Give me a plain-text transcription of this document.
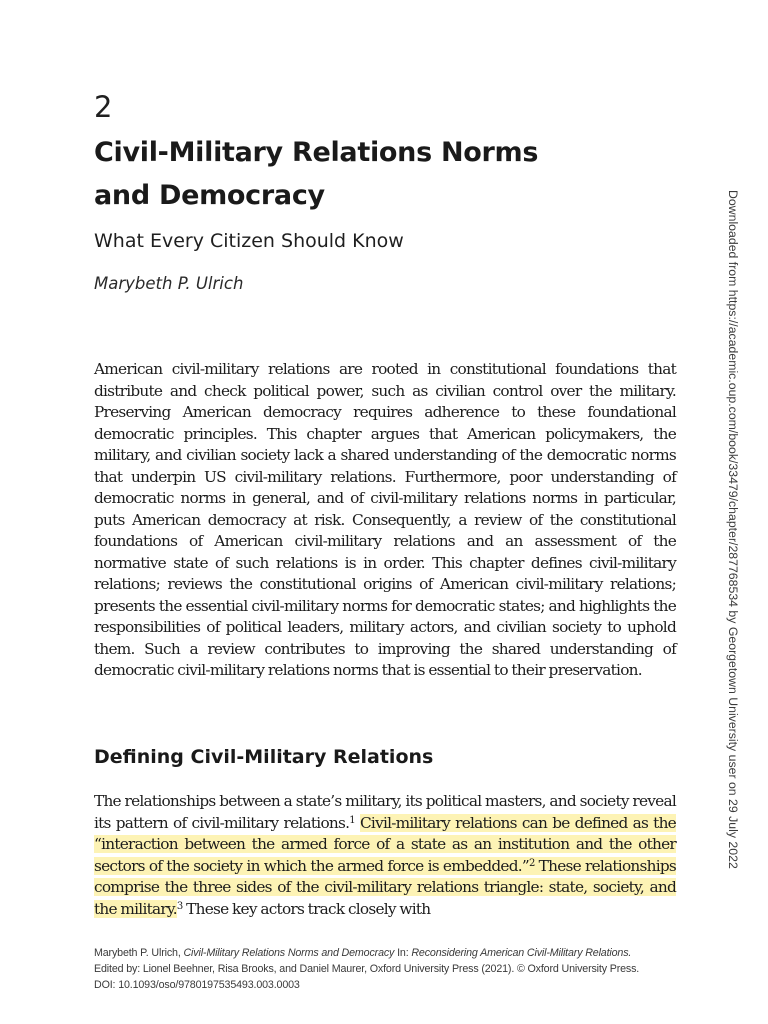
2
Civil-Military Relations Norms
and Democracy
What Every Citizen Should Know
Marybeth P. Ulrich

American civil-military relations are rooted in constitutional foundations that distribute and check political power, such as civilian control over the military. Preserving American democracy requires adherence to these foundational democratic principles. This chapter argues that American policymakers, the military, and civilian society lack a shared understanding of the democratic norms that underpin US civil-military relations. Furthermore, poor understanding of democratic norms in general, and of civil-military relations norms in particular, puts American democracy at risk. Consequently, a review of the constitutional foundations of American civil-military relations and an assessment of the normative state of such relations is in order. This chapter defines civil-military relations; reviews the constitutional origins of American civil-military relations; presents the essential civil-military norms for democratic states; and highlights the responsibilities of political leaders, military actors, and civilian society to uphold them. Such a review contributes to improving the shared understanding of democratic civil-military relations norms that is essential to their preservation.

Defining Civil-Military Relations

The relationships between a state’s military, its political masters, and society reveal its pattern of civil-military relations.$^1$ Civil-military relations can be defined as the “interaction between the armed force of a state as an institution and the other sectors of the society in which the armed force is embedded.”$^2$ These relationships comprise the three sides of the civil-military relations triangle: state, society, and the military.$^3$ These key actors track closely with

Marybeth P. Ulrich, Civil-Military Relations Norms and Democracy In: Reconsidering American Civil-Military Relations.
Edited by: Lionel Beehner, Risa Brooks, and Daniel Maurer, Oxford University Press (2021). © Oxford University Press.
DOI: 10.1093/oso/9780197535493.003.0003
Downloaded from https://academic.oup.com/book/33479/chapter/287768534 by Georgetown University user on 29 July 2022
